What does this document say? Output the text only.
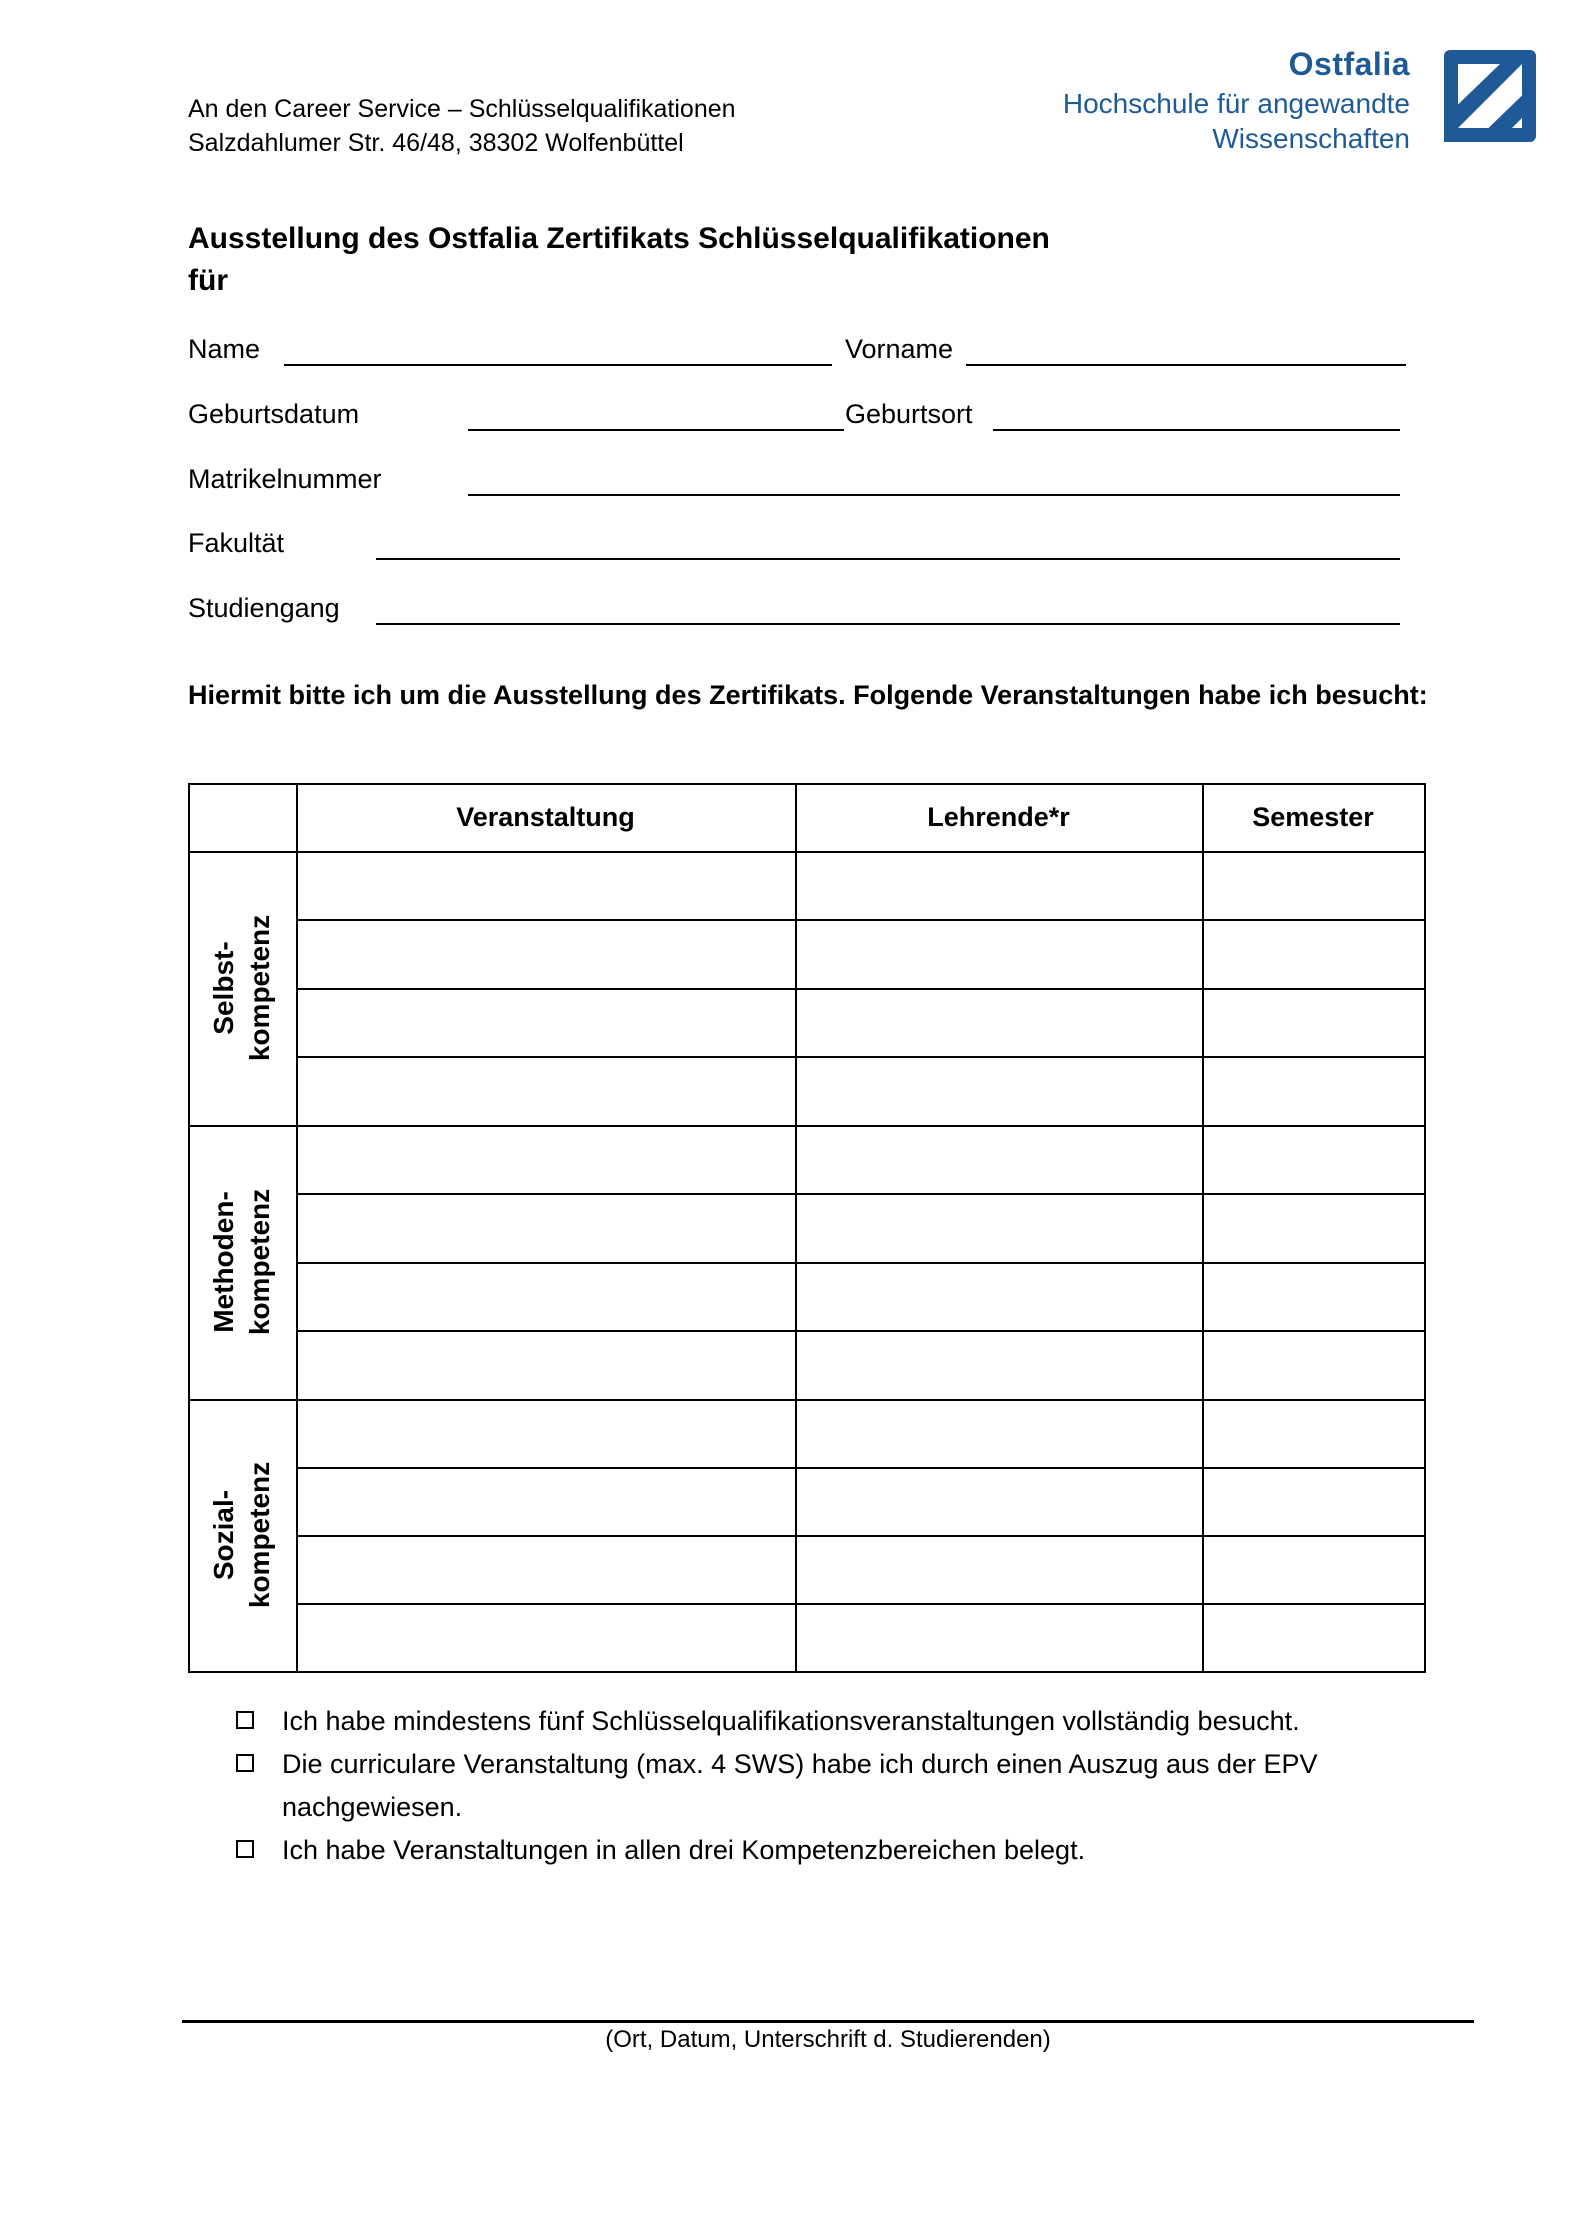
An den Career Service – Schlüsselqualifikationen
Salzdahlumer Str. 46/48, 38302 Wolfenbüttel
Ostfalia
Hochschule für angewandte
Wissenschaften
Ausstellung des Ostfalia Zertifikats Schlüsselqualifikationen
für
Name	Vorname
Geburtsdatum	Geburtsort
Matrikelnummer
Fakultät
Studiengang
Hiermit bitte ich um die Ausstellung des Zertifikats. Folgende Veranstaltungen habe ich besucht:
Veranstaltung	Lehrende*r	Semester
Selbst- kompetenz
Methoden- kompetenz
Sozial- kompetenz
Ich habe mindestens fünf Schlüsselqualifikationsveranstaltungen vollständig besucht.
Die curriculare Veranstaltung (max. 4 SWS) habe ich durch einen Auszug aus der EPV nachgewiesen.
Ich habe Veranstaltungen in allen drei Kompetenzbereichen belegt.
(Ort, Datum, Unterschrift d. Studierenden)
